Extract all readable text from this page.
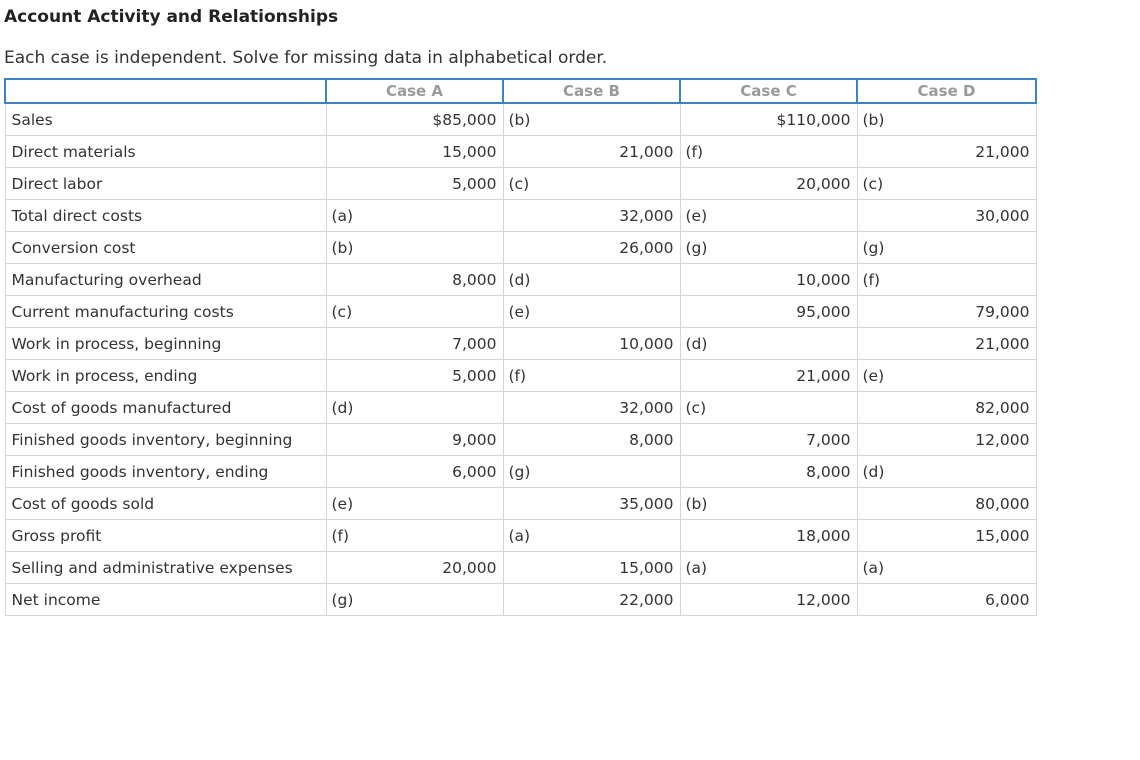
Account Activity and Relationships

Each case is independent. Solve for missing data in alphabetical order.

	Case A	Case B	Case C	Case D
Sales	$85,000	(b)	$110,000	(b)

Direct materials	15,000	21,000	(f)	21,000

Direct labor	5,000	(c)	20,000	(c)

Total direct costs	(a)	32,000	(e)	30,000

Conversion cost	(b)	26,000	(g)	(g)

Manufacturing overhead	8,000	(d)	10,000	(f)

Current manufacturing costs	(c)	(e)	95,000	79,000

Work in process, beginning	7,000	10,000	(d)	21,000

Work in process, ending	5,000	(f)	21,000	(e)

Cost of goods manufactured	(d)	32,000	(c)	82,000

Finished goods inventory, beginning	9,000	8,000	7,000	12,000

Finished goods inventory, ending	6,000	(g)	8,000	(d)

Cost of goods sold	(e)	35,000	(b)	80,000

Gross profit	(f)	(a)	18,000	15,000

Selling and administrative expenses	20,000	15,000	(a)	(a)

Net income	(g)	22,000	12,000	6,000
